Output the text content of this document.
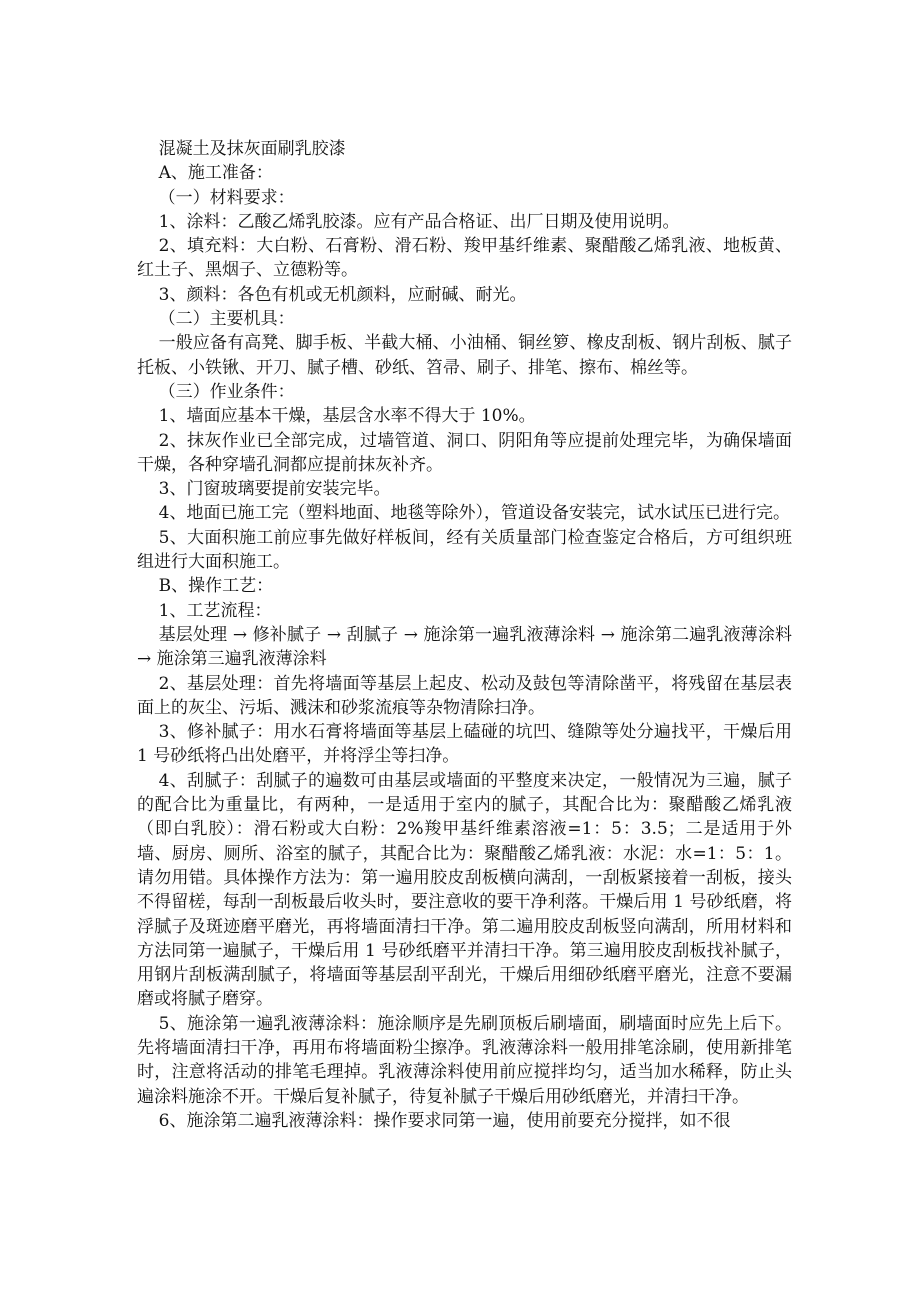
混凝土及抹灰面刷乳胶漆

A、施工准备：

（一）材料要求：

1、涂料：乙酸乙烯乳胶漆。应有产品合格证、出厂日期及使用说明。

2、填充料：大白粉、石膏粉、滑石粉、羧甲基纤维素、聚醋酸乙烯乳液、地板黄、红土子、黑烟子、立德粉等。

3、颜料：各色有机或无机颜料，应耐碱、耐光。

（二）主要机具：

一般应备有高凳、脚手板、半截大桶、小油桶、铜丝箩、橡皮刮板、钢片刮板、腻子托板、小铁锹、开刀、腻子槽、砂纸、笤帚、刷子、排笔、擦布、棉丝等。

（三）作业条件：

1、墙面应基本干燥，基层含水率不得大于 10%。

2、抹灰作业已全部完成，过墙管道、洞口、阴阳角等应提前处理完毕，为确保墙面干燥，各种穿墙孔洞都应提前抹灰补齐。

3、门窗玻璃要提前安装完毕。

4、地面已施工完（塑料地面、地毯等除外），管道设备安装完，试水试压已进行完。

5、大面积施工前应事先做好样板间，经有关质量部门检查鉴定合格后，方可组织班组进行大面积施工。

B、操作工艺：

1、工艺流程：

基层处理 → 修补腻子 → 刮腻子 → 施涂第一遍乳液薄涂料 → 施涂第二遍乳液薄涂料 → 施涂第三遍乳液薄涂料

2、基层处理：首先将墙面等基层上起皮、松动及鼓包等清除凿平，将残留在基层表面上的灰尘、污垢、溅沫和砂浆流痕等杂物清除扫净。

3、修补腻子：用水石膏将墙面等基层上磕碰的坑凹、缝隙等处分遍找平，干燥后用 1 号砂纸将凸出处磨平，并将浮尘等扫净。

4、刮腻子：刮腻子的遍数可由基层或墙面的平整度来决定，一般情况为三遍，腻子的配合比为重量比，有两种，一是适用于室内的腻子，其配合比为：聚醋酸乙烯乳液（即白乳胶）：滑石粉或大白粉：2%羧甲基纤维素溶液=1：5：3.5；二是适用于外墙、厨房、厕所、浴室的腻子，其配合比为：聚醋酸乙烯乳液：水泥：水=1：5：1。请勿用错。具体操作方法为：第一遍用胶皮刮板横向满刮，一刮板紧接着一刮板，接头不得留槎，每刮一刮板最后收头时，要注意收的要干净利落。干燥后用 1 号砂纸磨，将浮腻子及斑迹磨平磨光，再将墙面清扫干净。第二遍用胶皮刮板竖向满刮，所用材料和方法同第一遍腻子，干燥后用 1 号砂纸磨平并清扫干净。第三遍用胶皮刮板找补腻子，用钢片刮板满刮腻子，将墙面等基层刮平刮光，干燥后用细砂纸磨平磨光，注意不要漏磨或将腻子磨穿。

5、施涂第一遍乳液薄涂料：施涂顺序是先刷顶板后刷墙面，刷墙面时应先上后下。先将墙面清扫干净，再用布将墙面粉尘擦净。乳液薄涂料一般用排笔涂刷，使用新排笔时，注意将活动的排笔毛理掉。乳液薄涂料使用前应搅拌均匀，适当加水稀释，防止头遍涂料施涂不开。干燥后复补腻子，待复补腻子干燥后用砂纸磨光，并清扫干净。

6、施涂第二遍乳液薄涂料：操作要求同第一遍，使用前要充分搅拌，如不很
